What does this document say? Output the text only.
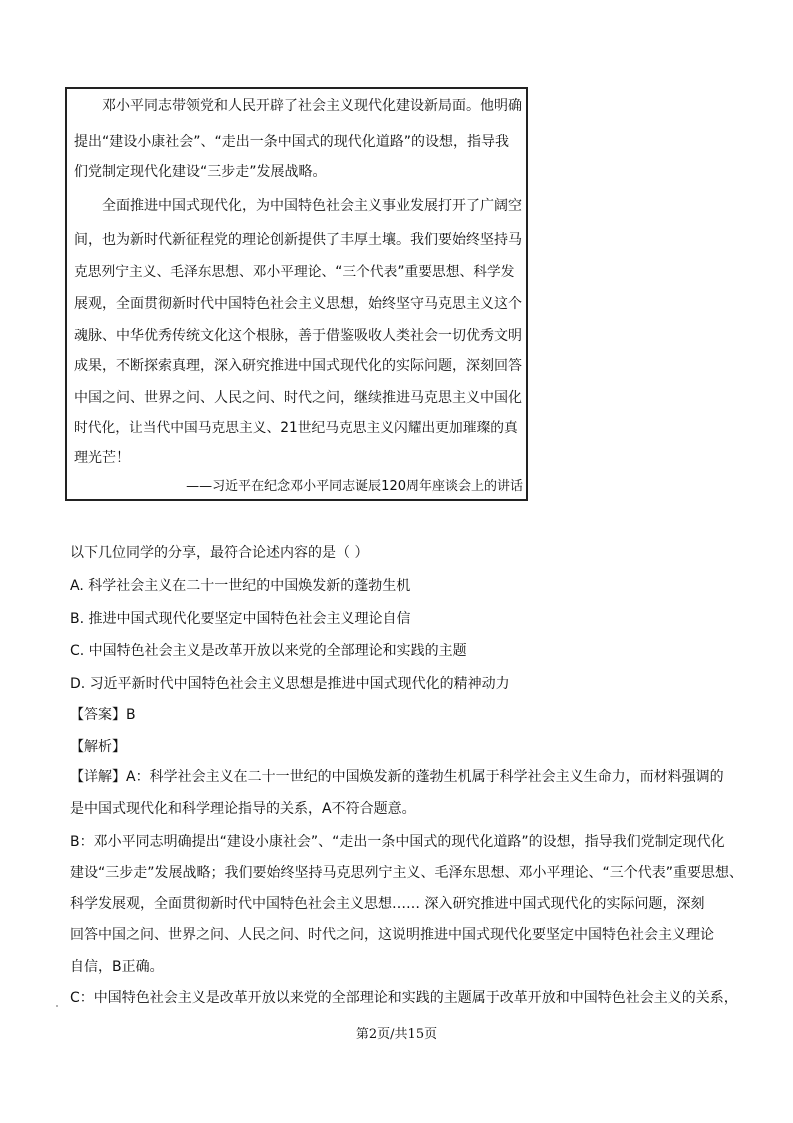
邓小平同志带领党和人民开辟了社会主义现代化建设新局面。他明确
提出“建设小康社会”、“走出一条中国式的现代化道路”的设想，指导我
们党制定现代化建设“三步走”发展战略。
全面推进中国式现代化，为中国特色社会主义事业发展打开了广阔空
间，也为新时代新征程党的理论创新提供了丰厚土壤。我们要始终坚持马
克思列宁主义、毛泽东思想、邓小平理论、“三个代表”重要思想、科学发
展观，全面贯彻新时代中国特色社会主义思想，始终坚守马克思主义这个
魂脉、中华优秀传统文化这个根脉，善于借鉴吸收人类社会一切优秀文明
成果，不断探索真理，深入研究推进中国式现代化的实际问题，深刻回答
中国之问、世界之问、人民之问、时代之问，继续推进马克思主义中国化
时代化，让当代中国马克思主义、21世纪马克思主义闪耀出更加璀璨的真
理光芒！
——习近平在纪念邓小平同志诞辰120周年座谈会上的讲话
以下几位同学的分享，最符合论述内容的是（ ）
A. 科学社会主义在二十一世纪的中国焕发新的蓬勃生机
B. 推进中国式现代化要坚定中国特色社会主义理论自信
C. 中国特色社会主义是改革开放以来党的全部理论和实践的主题
D. 习近平新时代中国特色社会主义思想是推进中国式现代化的精神动力
【答案】B
【解析】
【详解】A：科学社会主义在二十一世纪的中国焕发新的蓬勃生机属于科学社会主义生命力，而材料强调的
是中国式现代化和科学理论指导的关系，A不符合题意。
B：邓小平同志明确提出“建设小康社会”、“走出一条中国式的现代化道路”的设想，指导我们党制定现代化
建设“三步走”发展战略；我们要始终坚持马克思列宁主义、毛泽东思想、邓小平理论、“三个代表”重要思想、
科学发展观，全面贯彻新时代中国特色社会主义思想…… 深入研究推进中国式现代化的实际问题，深刻
回答中国之问、世界之问、人民之问、时代之问，这说明推进中国式现代化要坚定中国特色社会主义理论
自信，B正确。
C：中国特色社会主义是改革开放以来党的全部理论和实践的主题属于改革开放和中国特色社会主义的关系，
第2页/共15页
